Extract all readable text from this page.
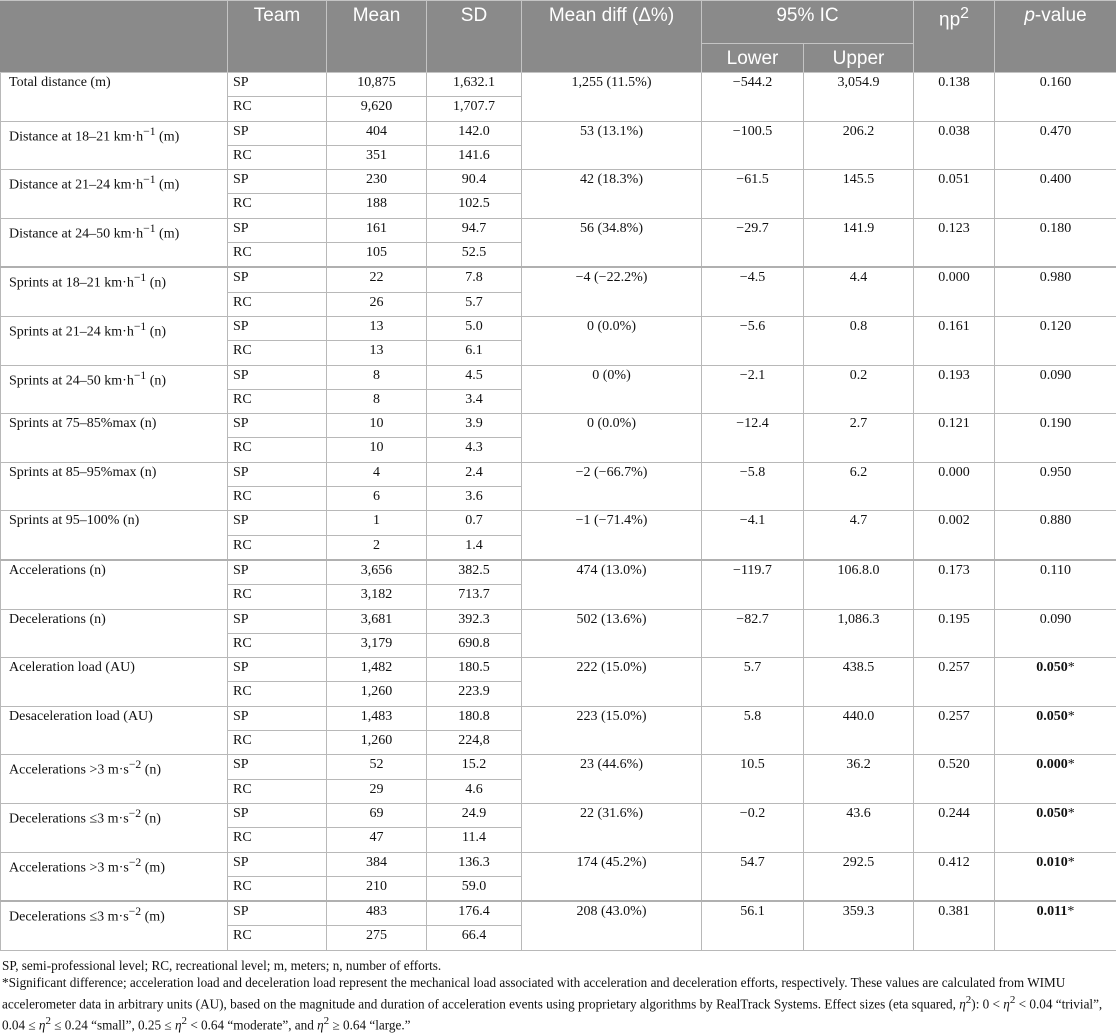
	Team	Mean	SD	Mean diff (Δ%)	95% IC		$\eta p^2$	p-value
					Lower	Upper		
Total distance (m)	SP	10,875	1,632.1	1,255 (11.5%)	−544.2	3,054.9	0.138	0.160
	RC	9,620	1,707.7					
Distance at 18–21 $km\cdot h^{-1}$ (m)	SP	404	142.0	53 (13.1%)	−100.5	206.2	0.038	0.470
	RC	351	141.6					
Distance at 21–24 $km\cdot h^{-1}$ (m)	SP	230	90.4	42 (18.3%)	−61.5	145.5	0.051	0.400
	RC	188	102.5					
Distance at 24–50 $km\cdot h^{-1}$ (m)	SP	161	94.7	56 (34.8%)	−29.7	141.9	0.123	0.180
	RC	105	52.5					
Sprints at 18–21 $km\cdot h^{-1}$ (n)	SP	22	7.8	−4 (−22.2%)	−4.5	4.4	0.000	0.980
	RC	26	5.7					
Sprints at 21–24 $km\cdot h^{-1}$ (n)	SP	13	5.0	0 (0.0%)	−5.6	0.8	0.161	0.120
	RC	13	6.1					
Sprints at 24–50 $km\cdot h^{-1}$ (n)	SP	8	4.5	0 (0%)	−2.1	0.2	0.193	0.090
	RC	8	3.4					
Sprints at 75–85%max (n)	SP	10	3.9	0 (0.0%)	−12.4	2.7	0.121	0.190
	RC	10	4.3					
Sprints at 85–95%max (n)	SP	4	2.4	−2 (−66.7%)	−5.8	6.2	0.000	0.950
	RC	6	3.6					
Sprints at 95–100% (n)	SP	1	0.7	−1 (−71.4%)	−4.1	4.7	0.002	0.880
	RC	2	1.4					
Accelerations (n)	SP	3,656	382.5	474 (13.0%)	−119.7	106.8.0	0.173	0.110
	RC	3,182	713.7					
Decelerations (n)	SP	3,681	392.3	502 (13.6%)	−82.7	1,086.3	0.195	0.090
	RC	3,179	690.8					
Aceleration load (AU)	SP	1,482	180.5	222 (15.0%)	5.7	438.5	0.257	0.050*
	RC	1,260	223.9					
Desaceleration load (AU)	SP	1,483	180.8	223 (15.0%)	5.8	440.0	0.257	0.050*
	RC	1,260	224,8					
Accelerations >3 $m\cdot s^{-2}$ (n)	SP	52	15.2	23 (44.6%)	10.5	36.2	0.520	0.000*
	RC	29	4.6					
Decelerations ≤3 $m\cdot s^{-2}$ (n)	SP	69	24.9	22 (31.6%)	−0.2	43.6	0.244	0.050*
	RC	47	11.4					
Accelerations >3 $m\cdot s^{-2}$ (m)	SP	384	136.3	174 (45.2%)	54.7	292.5	0.412	0.010*
	RC	210	59.0					
Decelerations ≤3 $m\cdot s^{-2}$ (m)	SP	483	176.4	208 (43.0%)	56.1	359.3	0.381	0.011*
	RC	275	66.4					

SP, semi-professional level; RC, recreational level; m, meters; n, number of efforts.

*Significant difference; acceleration load and deceleration load represent the mechanical load associated with acceleration and deceleration efforts, respectively. These values are calculated from WIMU accelerometer data in arbitrary units (AU), based on the magnitude and duration of acceleration events using proprietary algorithms by RealTrack Systems. Effect sizes (eta squared, $\eta^2$): $0 < \eta^2 < 0.04$ “trivial”, $0.04 \le \eta^2 \le 0.24$ “small”, $0.25 \le \eta^2 < 0.64$ “moderate”, and $\eta^2 \ge 0.64$ “large.”
